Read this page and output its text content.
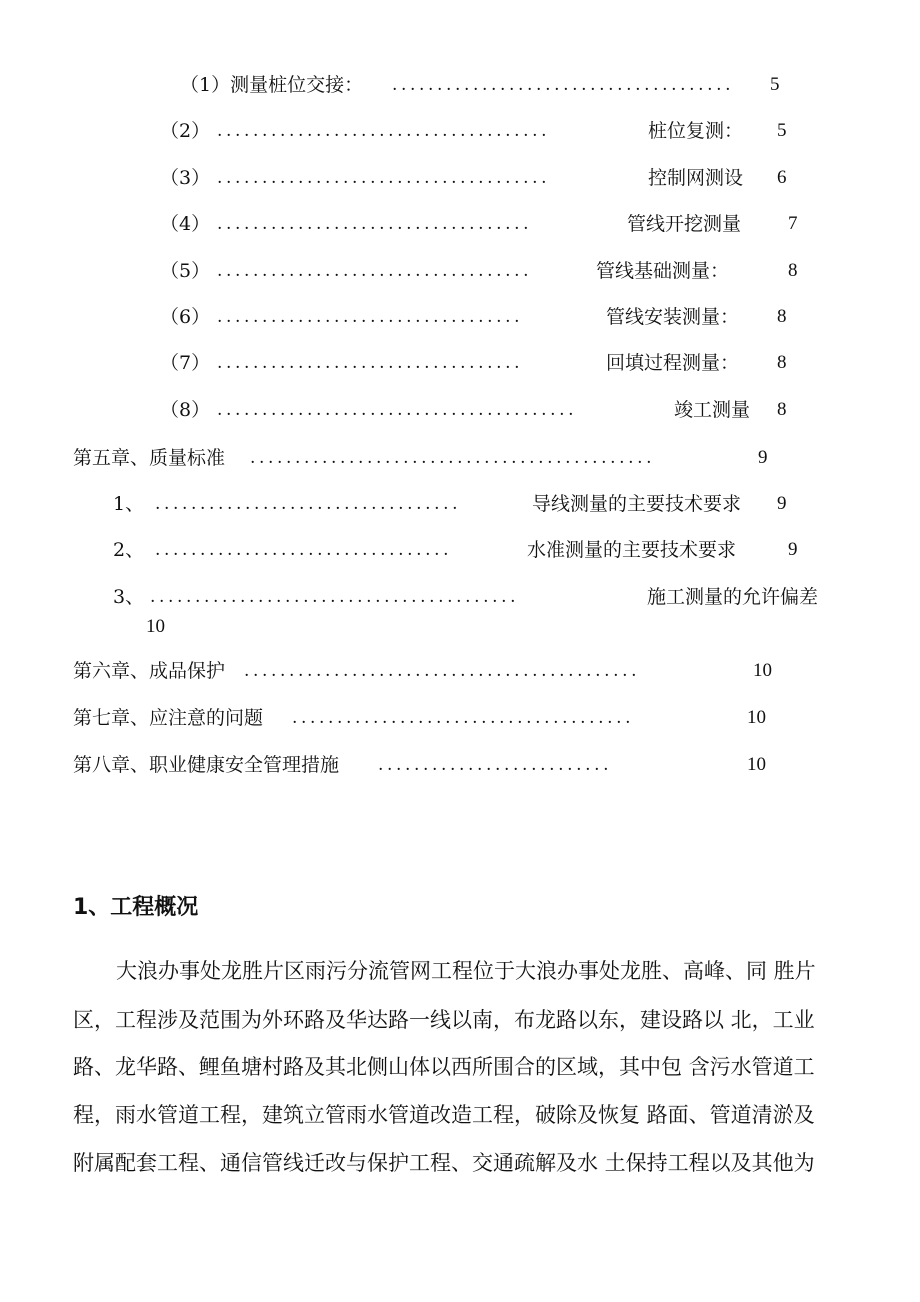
（1）测量桩位交接： ...................................... 5
（2） .....................................	桩位复测： 5
（3） .....................................	控制网测设 6
（4） ...................................	管线开挖测量 7
（5） ...................................	管线基础测量：	8
（6） ..................................	管线安装测量： 8
（7） ..................................	回填过程测量： 8
（8） ........................................	竣工测量 8
第五章、质量标准 .............................................	9
1、 ..................................	导线测量的主要技术要求 9
2、 .................................	水准测量的主要技术要求	9
3、 .........................................	施工测量的允许偏差
10
第六章、成品保护 ............................................	10
第七章、应注意的问题 ......................................	10
第八章、职业健康安全管理措施 ..........................	10
1、工程概况
大浪办事处龙胜片区雨污分流管网工程位于大浪办事处龙胜、高峰、同 胜片
区，工程涉及范围为外环路及华达路一线以南，布龙路以东，建设路以 北，工业
路、龙华路、鲤鱼塘村路及其北侧山体以西所围合的区域，其中包 含污水管道工
程，雨水管道工程，建筑立管雨水管道改造工程，破除及恢复 路面、管道清淤及
附属配套工程、通信管线迁改与保护工程、交通疏解及水 土保持工程以及其他为
